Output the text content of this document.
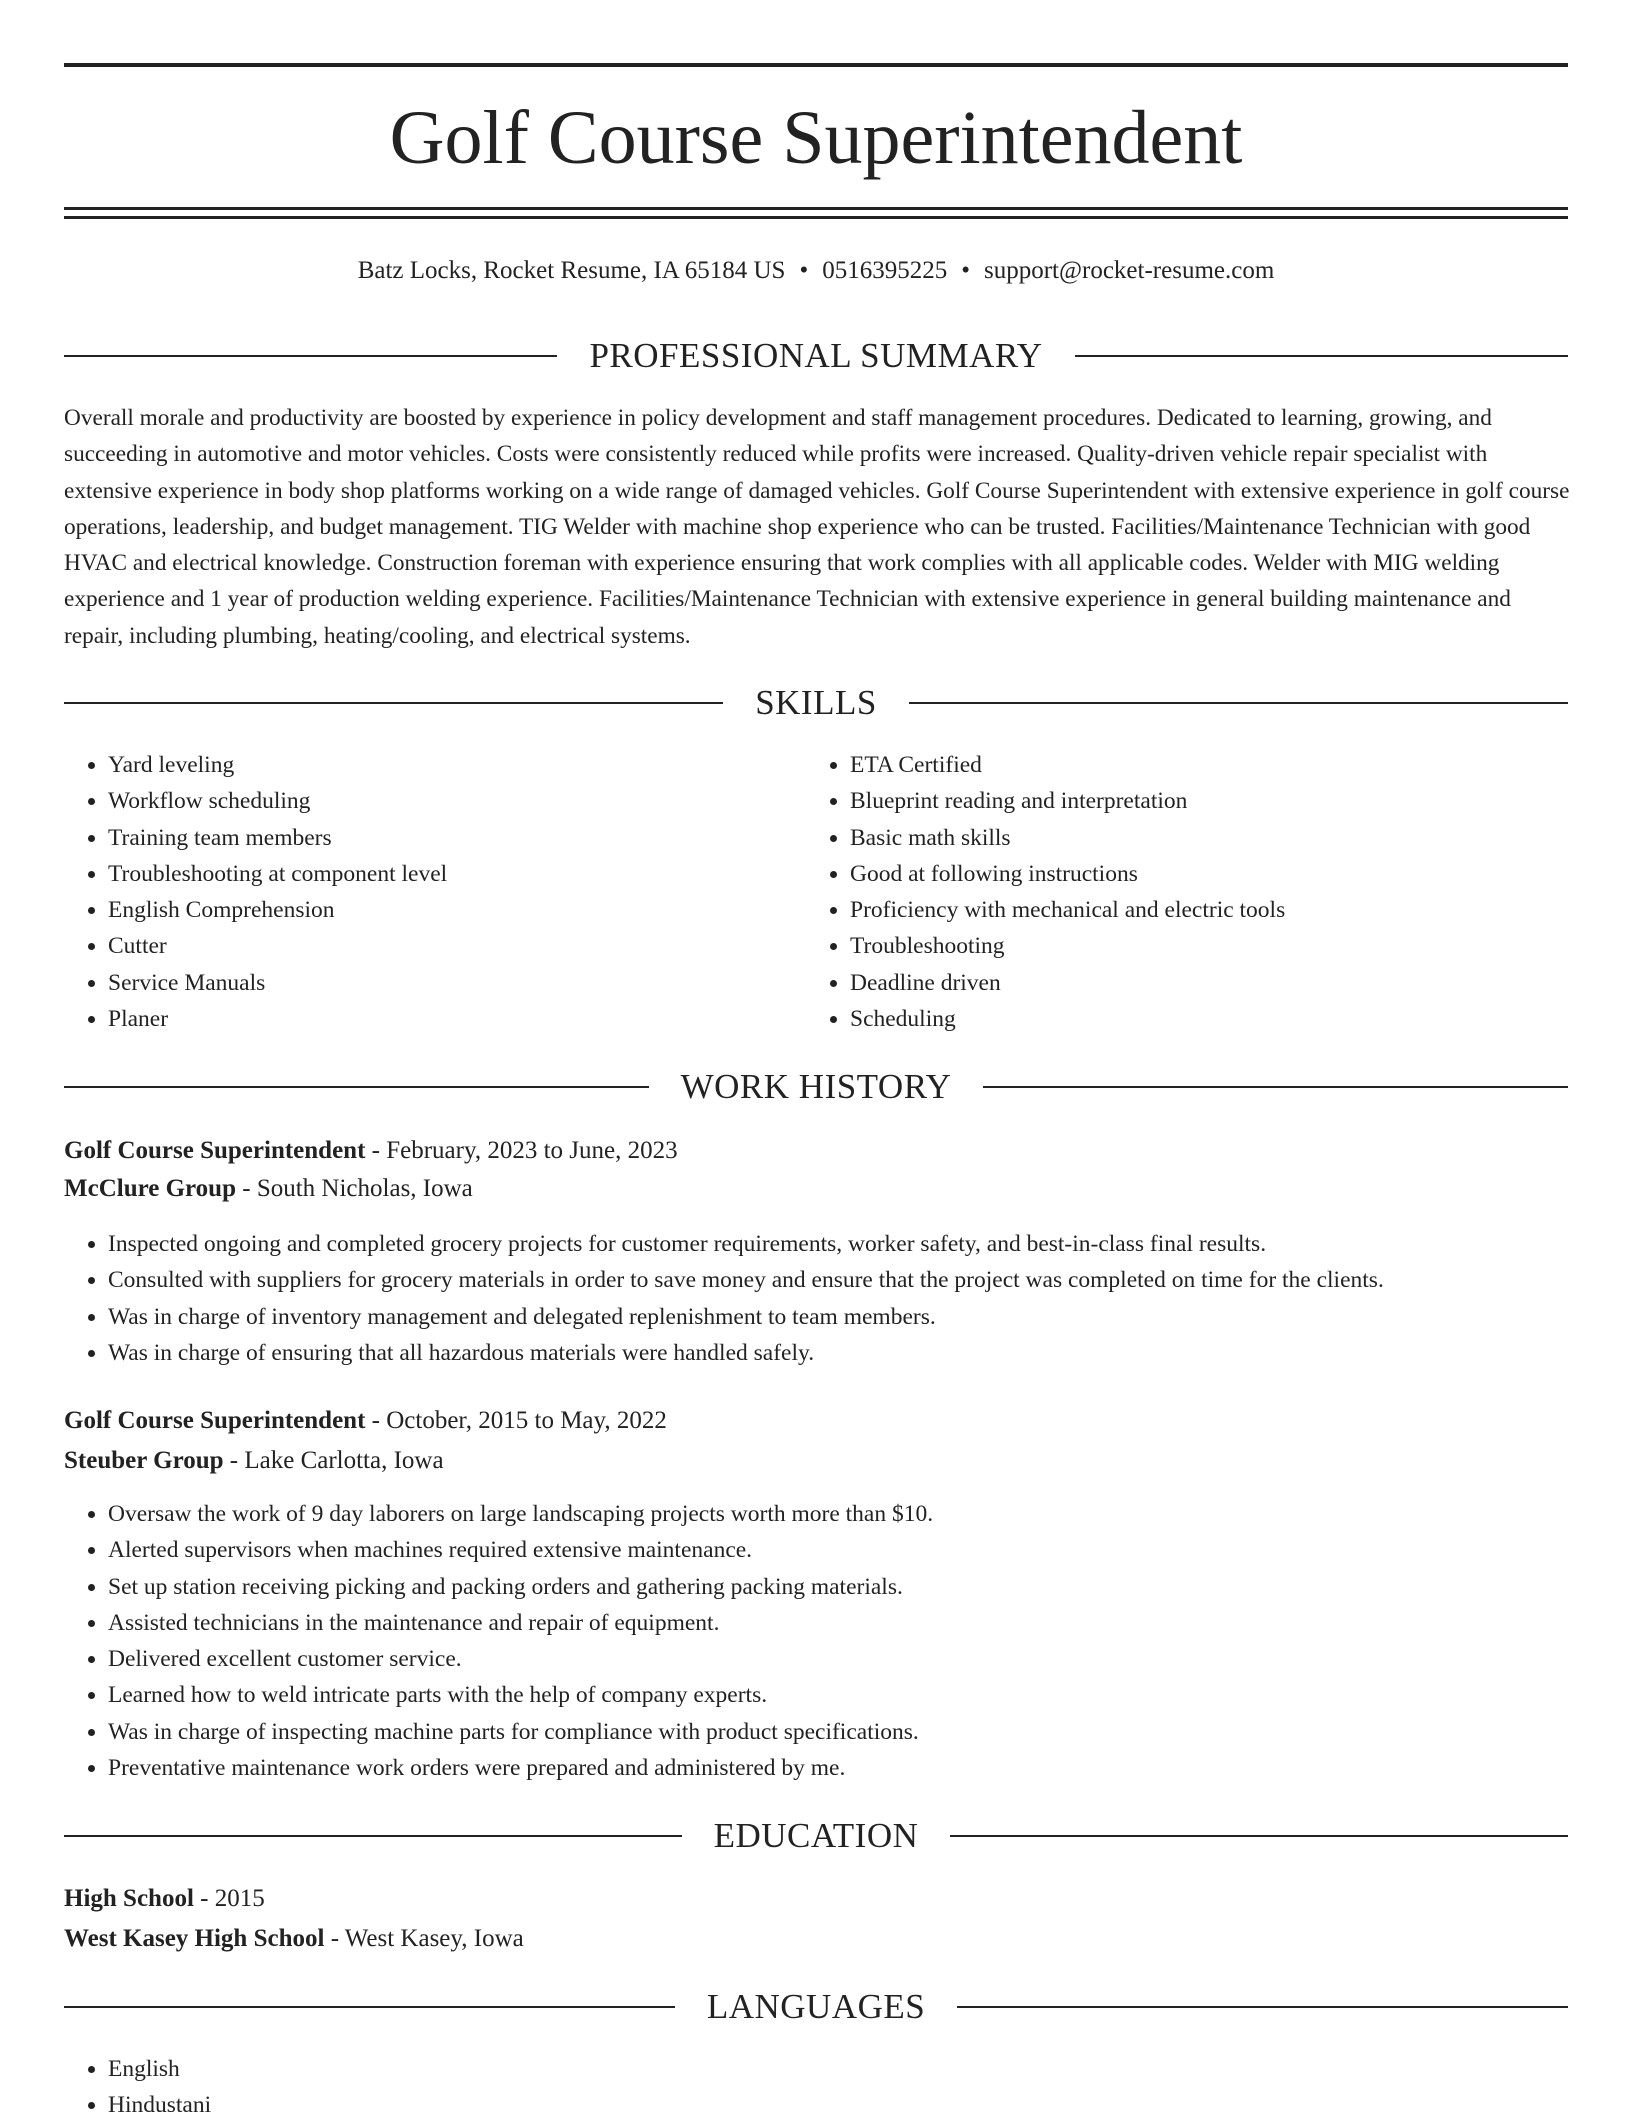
Golf Course Superintendent
Batz Locks, Rocket Resume, IA 65184 US • 0516395225 • support@rocket-resume.com
PROFESSIONAL SUMMARY

Overall morale and productivity are boosted by experience in policy development and staff management procedures. Dedicated to learning, growing, and succeeding in automotive and motor vehicles. Costs were consistently reduced while profits were increased. Quality-driven vehicle repair specialist with extensive experience in body shop platforms working on a wide range of damaged vehicles. Golf Course Superintendent with extensive experience in golf course operations, leadership, and budget management. TIG Welder with machine shop experience who can be trusted. Facilities/Maintenance Technician with good HVAC and electrical knowledge. Construction foreman with experience ensuring that work complies with all applicable codes. Welder with MIG welding experience and 1 year of production welding experience. Facilities/Maintenance Technician with extensive experience in general building maintenance and repair, including plumbing, heating/cooling, and electrical systems.

SKILLS
• Yard leveling
• Workflow scheduling
• Training team members
• Troubleshooting at component level
• English Comprehension
• Cutter
• Service Manuals
• Planer
• ETA Certified
• Blueprint reading and interpretation
• Basic math skills
• Good at following instructions
• Proficiency with mechanical and electric tools
• Troubleshooting
• Deadline driven
• Scheduling
WORK HISTORY
Golf Course Superintendent - February, 2023 to June, 2023
McClure Group - South Nicholas, Iowa
• Inspected ongoing and completed grocery projects for customer requirements, worker safety, and best-in-class final results.
• Consulted with suppliers for grocery materials in order to save money and ensure that the project was completed on time for the clients.
• Was in charge of inventory management and delegated replenishment to team members.
• Was in charge of ensuring that all hazardous materials were handled safely.
Golf Course Superintendent - October, 2015 to May, 2022
Steuber Group - Lake Carlotta, Iowa
• Oversaw the work of 9 day laborers on large landscaping projects worth more than $10.
• Alerted supervisors when machines required extensive maintenance.
• Set up station receiving picking and packing orders and gathering packing materials.
• Assisted technicians in the maintenance and repair of equipment.
• Delivered excellent customer service.
• Learned how to weld intricate parts with the help of company experts.
• Was in charge of inspecting machine parts for compliance with product specifications.
• Preventative maintenance work orders were prepared and administered by me.
EDUCATION
High School - 2015
West Kasey High School - West Kasey, Iowa
LANGUAGES
• English
• Hindustani
